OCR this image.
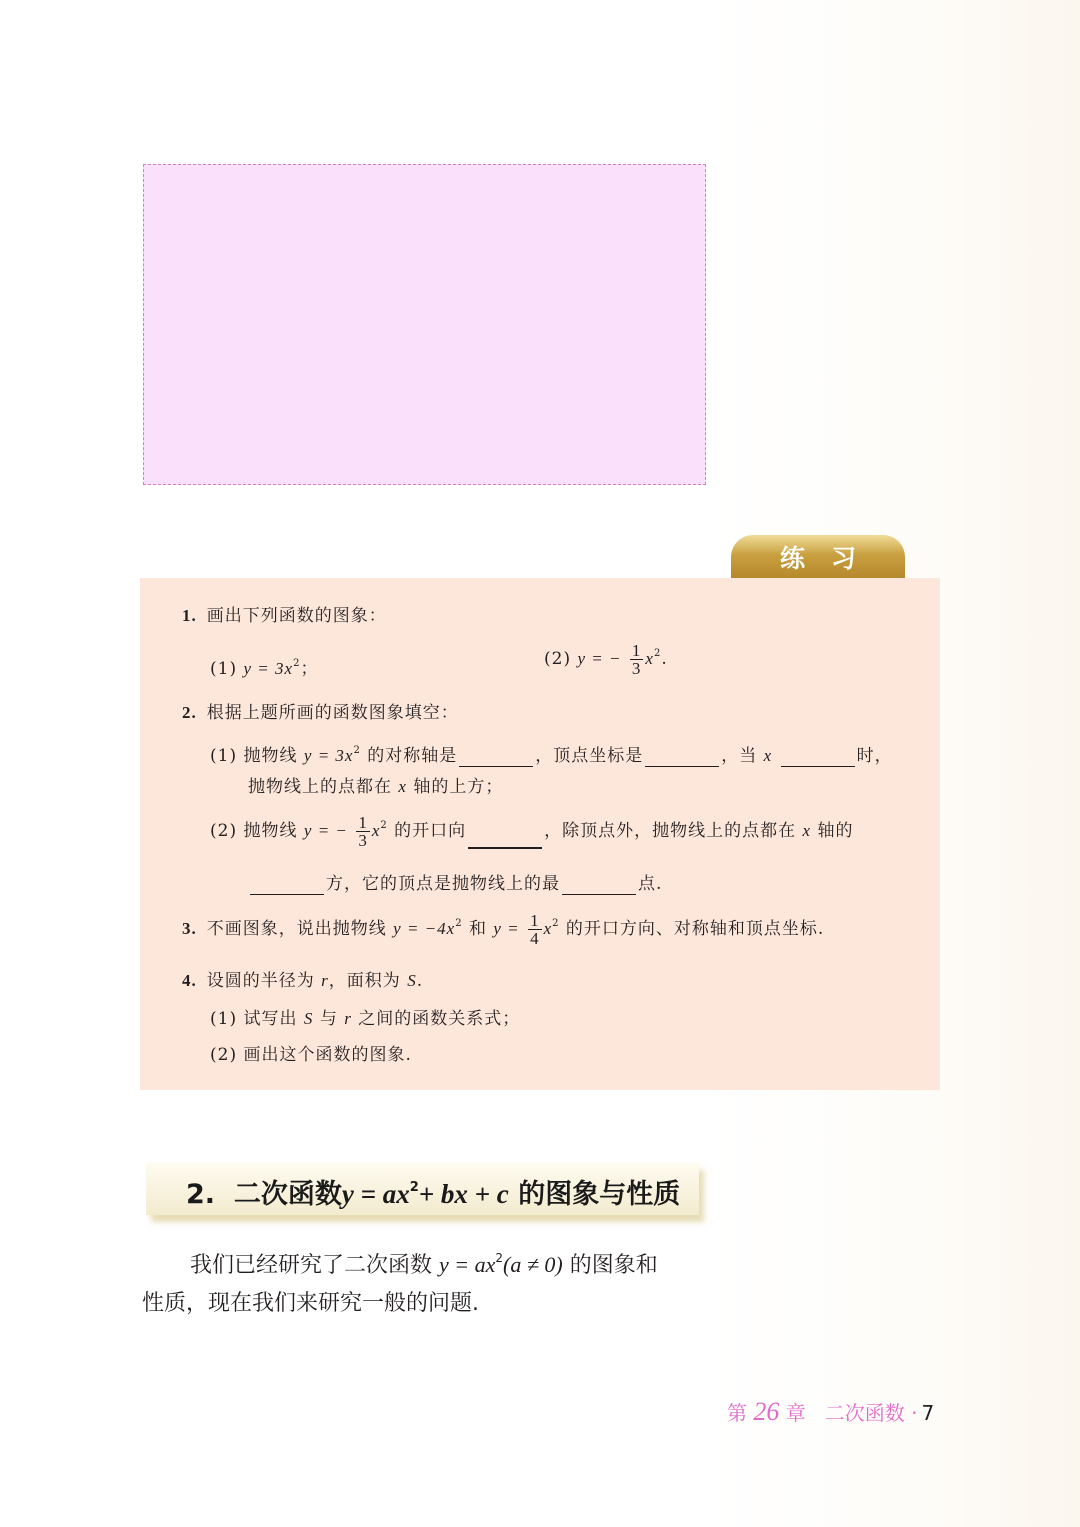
练习
1. 画出下列函数的图象：
(1) $y = 3x^2$；	(2) y = − $\frac{1}{3} x^2$.
2. 根据上题所画的函数图象填空：
(1) 抛物线 $y = 3x^2$ 的对称轴是	，顶点坐标是	，当 x	时，
抛物线上的点都在 x 轴的上方；
(2) 抛物线 y = − $\frac{1}{3} x^2$ 的开口向	，除顶点外，抛物线上的点都在 x 轴的
方，它的顶点是抛物线上的最	点.
3. 不画图象，说出抛物线 $y = -4x^2$ 和 $y = \frac{1}{4} x^2$ 的开口方向、对称轴和顶点坐标.
4. 设圆的半径为 r，面积为 S.
(1) 试写出 S 与 r 之间的函数关系式；
(2) 画出这个函数的图象.
2. 二次函数$y = ax^2+$ bx + c 的图象与性质
我们已经研究了二次函数 $y = ax^2(a \ne 0)$ 的图象和
性质，现在我们来研究一般的问题.
第 26 章 二次函数 · 7
